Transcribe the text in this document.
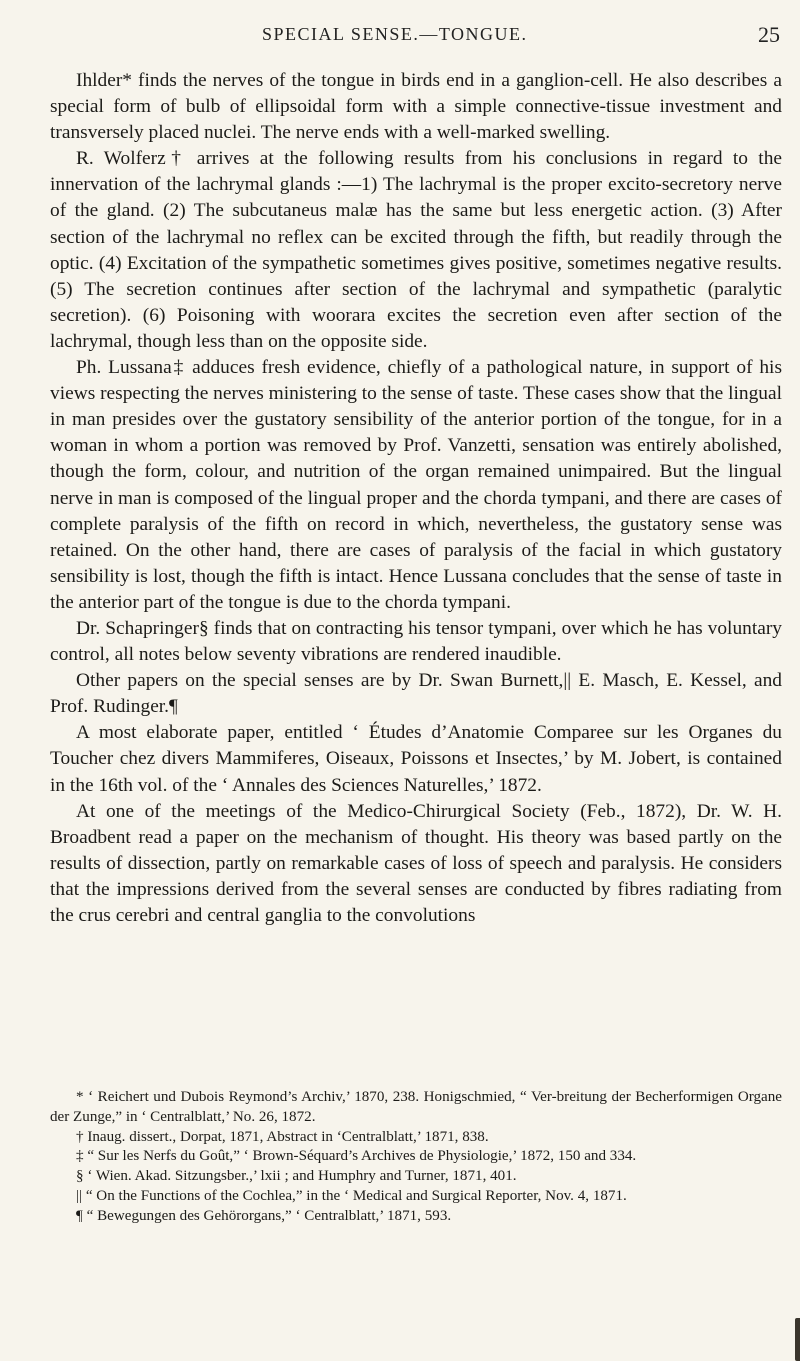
SPECIAL SENSE.—TONGUE.	25

Ihlder* finds the nerves of the tongue in birds end in a ganglion-cell. He also describes a special form of bulb of ellipsoidal form with a simple connective-tissue investment and transversely placed nuclei. The nerve ends with a well-marked swelling.

R. Wolferz† arrives at the following results from his conclusions in regard to the innervation of the lachrymal glands :—1) The lachrymal is the proper excito-secretory nerve of the gland. (2) The subcutaneus malæ has the same but less energetic action. (3) After section of the lachrymal no reflex can be excited through the fifth, but readily through the optic. (4) Excitation of the sympathetic sometimes gives positive, sometimes negative results. (5) The secretion continues after section of the lachrymal and sympathetic (paralytic secretion). (6) Poisoning with woorara excites the secretion even after section of the lachrymal, though less than on the opposite side.

Ph. Lussana‡ adduces fresh evidence, chiefly of a pathological nature, in support of his views respecting the nerves ministering to the sense of taste. These cases show that the lingual in man presides over the gustatory sensibility of the anterior portion of the tongue, for in a woman in whom a portion was removed by Prof. Vanzetti, sensation was entirely abolished, though the form, colour, and nutrition of the organ remained unimpaired. But the lingual nerve in man is composed of the lingual proper and the chorda tympani, and there are cases of complete paralysis of the fifth on record in which, nevertheless, the gustatory sense was retained. On the other hand, there are cases of paralysis of the facial in which gustatory sensibility is lost, though the fifth is intact. Hence Lussana concludes that the sense of taste in the anterior part of the tongue is due to the chorda tympani.

Dr. Schapringer§ finds that on contracting his tensor tympani, over which he has voluntary control, all notes below seventy vibrations are rendered inaudible.

Other papers on the special senses are by Dr. Swan Burnett,|| E. Masch, E. Kessel, and Prof. Rudinger.¶

A most elaborate paper, entitled ‘ Études d’Anatomie Comparee sur les Organes du Toucher chez divers Mammiferes, Oiseaux, Poissons et Insectes,’ by M. Jobert, is contained in the 16th vol. of the ‘ Annales des Sciences Naturelles,’ 1872.

At one of the meetings of the Medico-Chirurgical Society (Feb., 1872), Dr. W. H. Broadbent read a paper on the mechanism of thought. His theory was based partly on the results of dissection, partly on remarkable cases of loss of speech and paralysis. He considers that the impressions derived from the several senses are conducted by fibres radiating from the crus cerebri and central ganglia to the convolutions

* ‘ Reichert und Dubois Reymond’s Archiv,’ 1870, 238. Honigschmied, “ Ver-breitung der Becherformigen Organe der Zunge,” in ‘ Centralblatt,’ No. 26, 1872.

† Inaug. dissert., Dorpat, 1871, Abstract in ‘Centralblatt,’ 1871, 838.

‡ “ Sur les Nerfs du Goût,” ‘ Brown-Séquard’s Archives de Physiologie,’ 1872, 150 and 334.

§ ‘ Wien. Akad. Sitzungsber.,’ lxii ; and Humphry and Turner, 1871, 401.

|| “ On the Functions of the Cochlea,” in the ‘ Medical and Surgical Reporter, Nov. 4, 1871.

¶ “ Bewegungen des Gehörorgans,” ‘ Centralblatt,’ 1871, 593.
